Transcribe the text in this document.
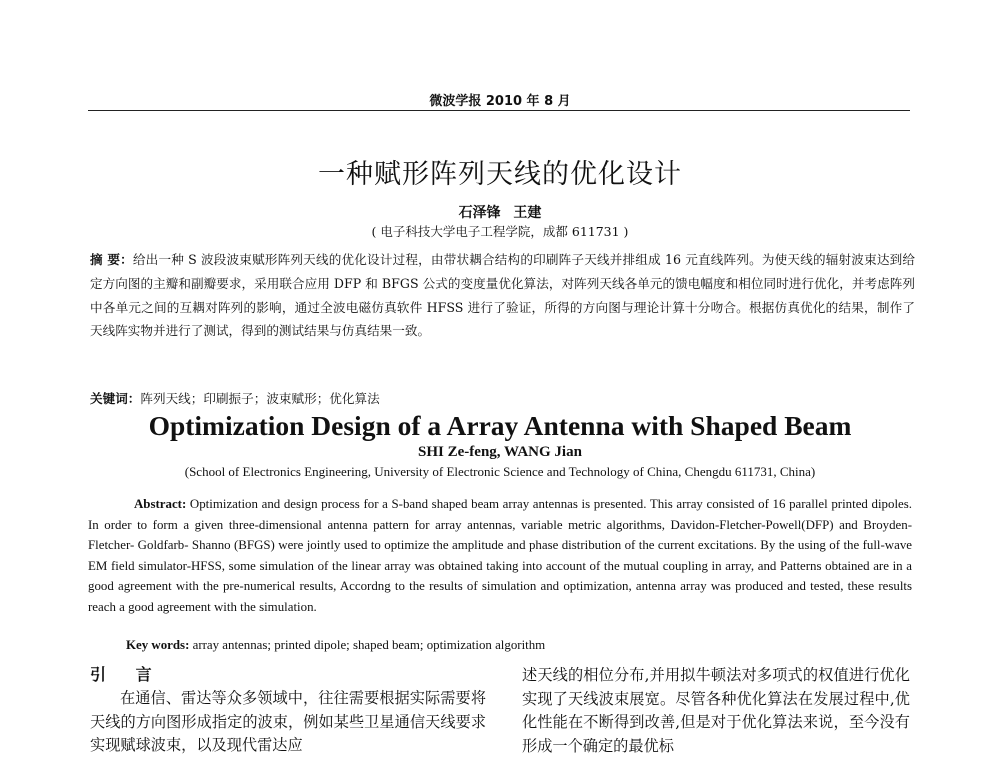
微波学报 2010 年 8 月
一种赋形阵列天线的优化设计
石泽锋 王建
( 电子科技大学电子工程学院，成都 611731 )

摘 要：给出一种 S 波段波束赋形阵列天线的优化设计过程，由带状耦合结构的印刷阵子天线并排组成 16 元直线阵列。为使天线的辐射波束达到给定方向图的主瓣和副瓣要求，采用联合应用 DFP 和 BFGS 公式的变度量优化算法，对阵列天线各单元的馈电幅度和相位同时进行优化，并考虑阵列中各单元之间的互耦对阵列的影响，通过全波电磁仿真软件 HFSS 进行了验证，所得的方向图与理论计算十分吻合。根据仿真优化的结果，制作了天线阵实物并进行了测试，得到的测试结果与仿真结果一致。

关键词：阵列天线；印刷振子；波束赋形；优化算法

Optimization Design of a Array Antenna with Shaped Beam
SHI Ze-feng, WANG Jian
(School of Electronics Engineering, University of Electronic Science and Technology of China, Chengdu 611731, China)

Abstract: Optimization and design process for a S-band shaped beam array antennas is presented. This array consisted of 16 parallel printed dipoles. In order to form a given three-dimensional antenna pattern for array antennas, variable metric algorithms, Davidon-Fletcher-Powell(DFP) and Broyden-Fletcher- Goldfarb- Shanno (BFGS) were jointly used to optimize the amplitude and phase distribution of the current excitations. By the using of the full-wave EM field simulator-HFSS, some simulation of the linear array was obtained taking into account of the mutual coupling in array, and Patterns obtained are in a good agreement with the pre-numerical results, Accordng to the results of simulation and optimization, antenna array was produced and tested, these results reach a good agreement with the simulation.

Key words: array antennas; printed dipole; shaped beam; optimization algorithm

引 言

在通信、雷达等众多领域中，往往需要根据实际需要将天线的方向图形成指定的波束，例如某些卫星通信天线要求实现赋球波束，以及现代雷达应

述天线的相位分布,并用拟牛顿法对多项式的权值进行优化实现了天线波束展宽。尽管各种优化算法在发展过程中,优化性能在不断得到改善,但是对于优化算法来说，至今没有形成一个确定的最优标
